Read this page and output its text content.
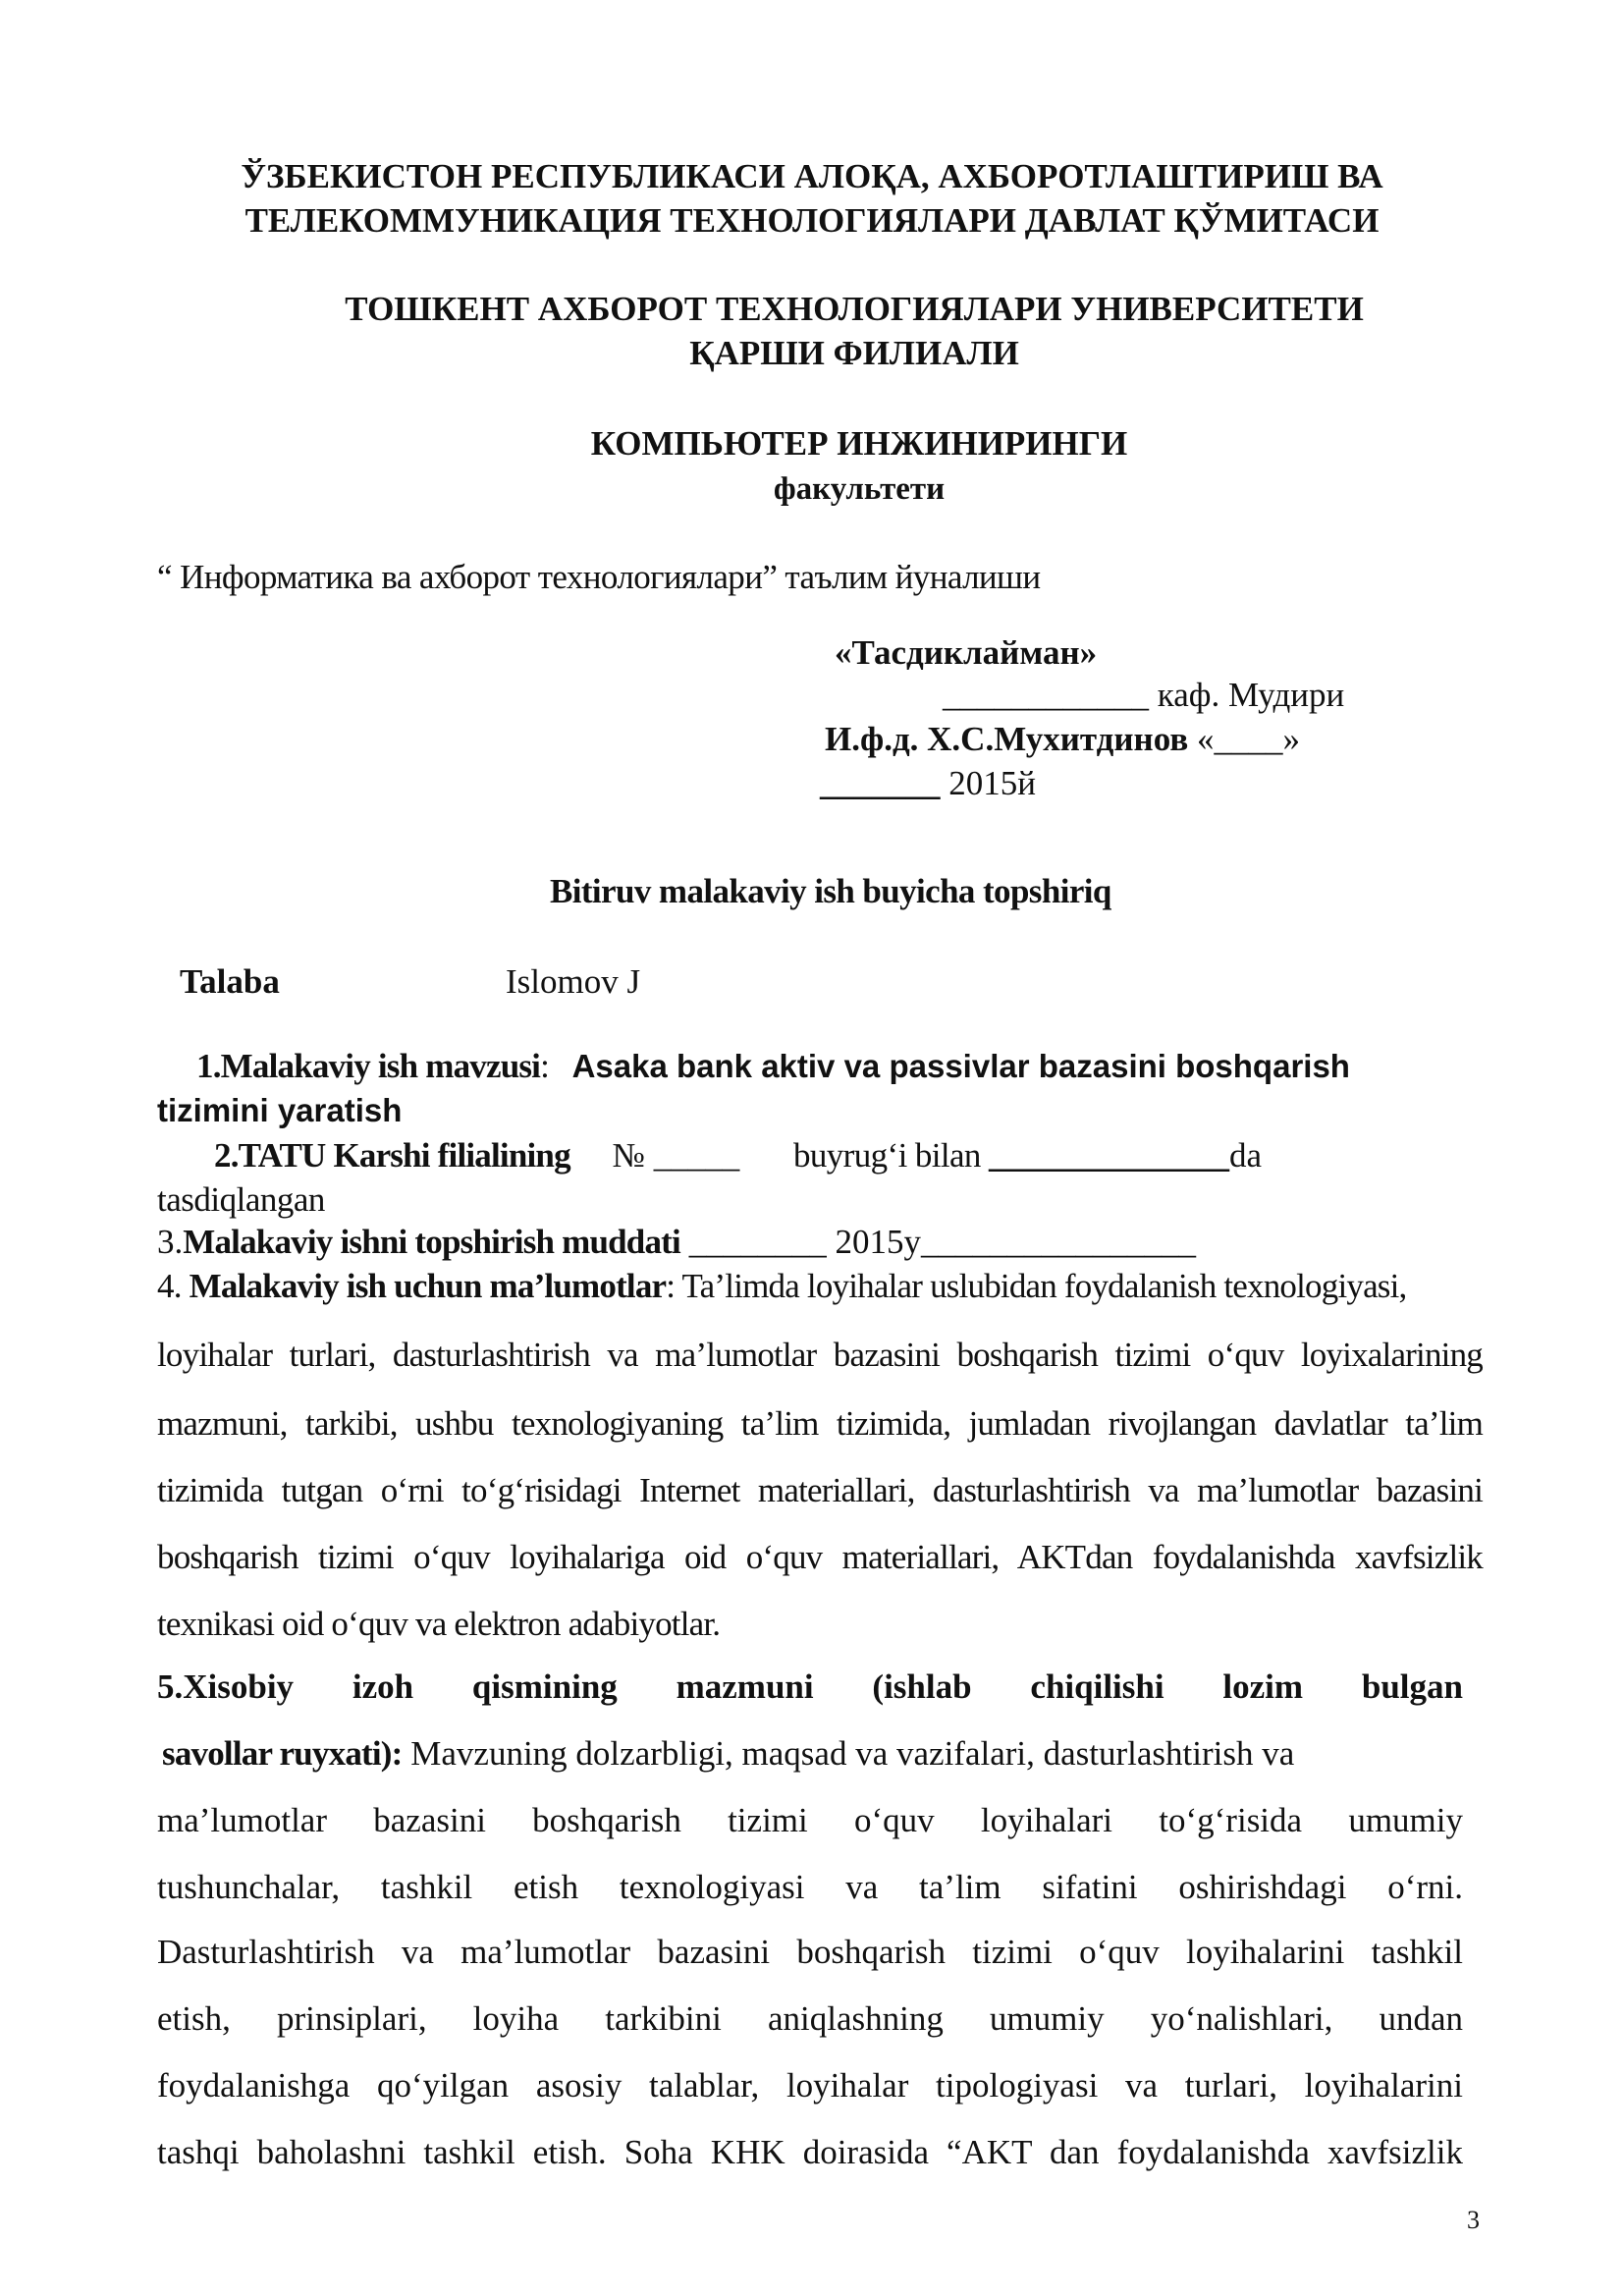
ЎЗБЕКИСТОН РЕСПУБЛИКАСИ АЛОҚА, АХБОРОТЛАШТИРИШ ВА
ТЕЛЕКОММУНИКАЦИЯ ТЕХНОЛОГИЯЛАРИ ДАВЛАТ ҚЎМИТАСИ
ТОШКЕНТ АХБОРОТ ТЕХНОЛОГИЯЛАРИ УНИВЕРСИТЕТИ
ҚАРШИ ФИЛИАЛИ
КОМПЬЮТЕР ИНЖИНИРИНГИ
факультети
“ Информатика ва ахборот технологиялари” таълим йуналиши
«Тасдиклайман»
____________ каф. Мудири
И.ф.д. Х.С.Мухитдинов «____»
_______ 2015й
Bitiruv malakaviy ish buyicha topshiriq
Talaba	Islomov J
1.Malakaviy ish mavzusi: Asaka bank aktiv va passivlar bazasini boshqarish
tizimini yaratish
2.TATU Karshi filialining № _____ buyrug‘i bilan ______________da
tasdiqlangan
3.Malakaviy ishni topshirish muddati ________ 2015y________________
4. Malakaviy ish uchun ma’lumotlar: Ta’limda loyihalar uslubidan foydalanish texnologiyasi,
loyihalar turlari, dasturlashtirish va ma’lumotlar bazasini boshqarish tizimi o‘quv loyixalarining
mazmuni, tarkibi, ushbu texnologiyaning ta’lim tizimida, jumladan rivojlangan davlatlar ta’lim
tizimida tutgan o‘rni to‘g‘risidagi Internet materiallari, dasturlashtirish va ma’lumotlar bazasini
boshqarish tizimi o‘quv loyihalariga oid o‘quv materiallari, AKTdan foydalanishda xavfsizlik
texnikasi oid o‘quv va elektron adabiyotlar.
5.Xisobiy izoh qismining mazmuni (ishlab chiqilishi lozim bulgan
savollar ruyxati): Mavzuning dolzarbligi, maqsad va vazifalari, dasturlashtirish va
ma’lumotlar bazasini boshqarish tizimi o‘quv loyihalari to‘g‘risida umumiy
tushunchalar, tashkil etish texnologiyasi va ta’lim sifatini oshirishdagi o‘rni.
Dasturlashtirish va ma’lumotlar bazasini boshqarish tizimi o‘quv loyihalarini tashkil
etish, prinsiplari, loyiha tarkibini aniqlashning umumiy yo‘nalishlari, undan
foydalanishga qo‘yilgan asosiy talablar, loyihalar tipologiyasi va turlari, loyihalarini
tashqi baholashni tashkil etish. Soha KHK doirasida “AKT dan foydalanishda xavfsizlik
3
